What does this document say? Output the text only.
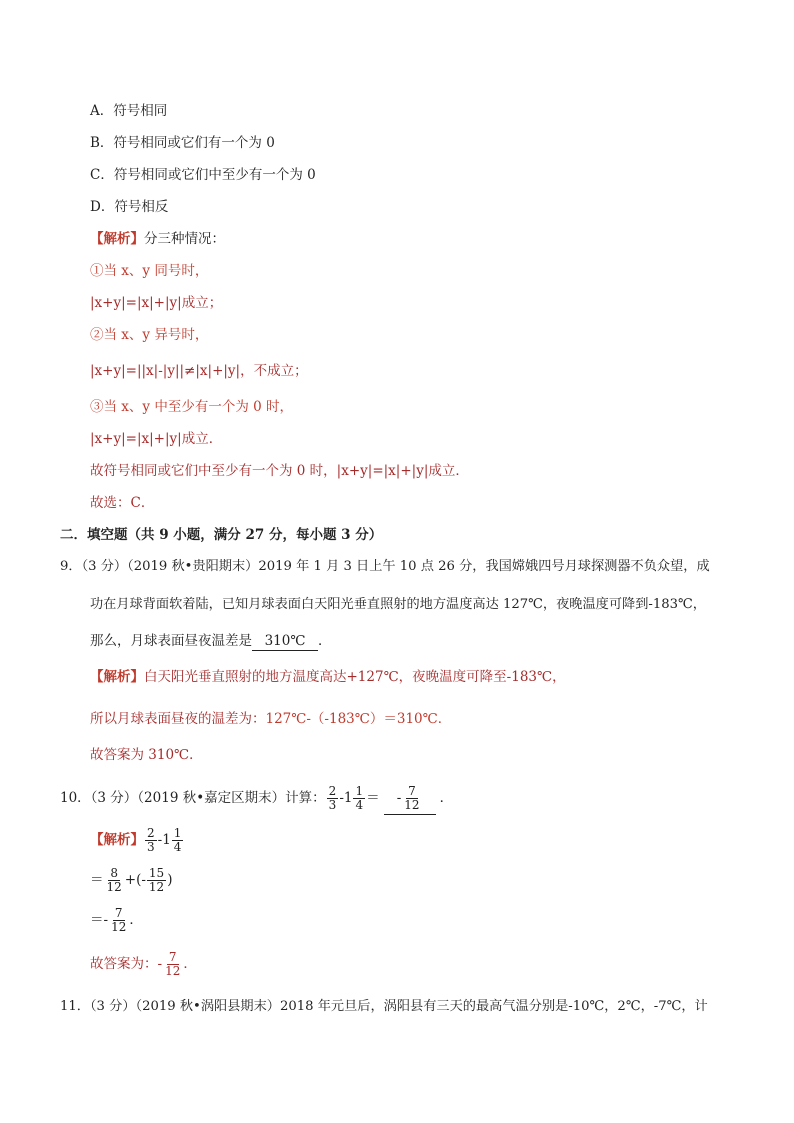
A．符号相同
B．符号相同或它们有一个为 0
C．符号相同或它们中至少有一个为 0
D．符号相反
【解析】分三种情况：
①当 x、y 同号时，
|x+y|=|x|+|y|成立；
②当 x、y 异号时，
|x+y|=||x|-|y||≠|x|+|y|，不成立；
③当 x、y 中至少有一个为 0 时，
|x+y|=|x|+|y|成立．
故符号相同或它们中至少有一个为 0 时，|x+y|=|x|+|y|成立．
故选：C．
二．填空题（共 9 小题，满分 27 分，每小题 3 分）
9．（3 分）（2019 秋•贵阳期末）2019 年 1 月 3 日上午 10 点 26 分，我国嫦娥四号月球探测器不负众望，成
功在月球背面软着陆，已知月球表面白天阳光垂直照射的地方温度高达 127℃，夜晚温度可降到-183℃，
那么，月球表面昼夜温差是 310℃ ．
【解析】白天阳光垂直照射的地方温度高达+127℃，夜晚温度可降至-183℃，
所以月球表面昼夜的温差为：127℃-（-183℃）＝310℃．
故答案为 310℃．
10．（3 分）（2019 秋•嘉定区期末）计算： $\frac{2}{3} -1 \frac{1}{4}$ ＝ - $\frac{7}{12}$ ．
【解析】 $\frac{2}{3} -1 \frac{1}{4}$
＝ $\frac{8}{12}$ +(- $\frac{15}{12}$ )
＝- $\frac{7}{12}$ ．
故答案为：- $\frac{7}{12}$ ．
11．（3 分）（2019 秋•涡阳县期末）2018 年元旦后，涡阳县有三天的最高气温分别是-10℃，2℃，-7℃，计
